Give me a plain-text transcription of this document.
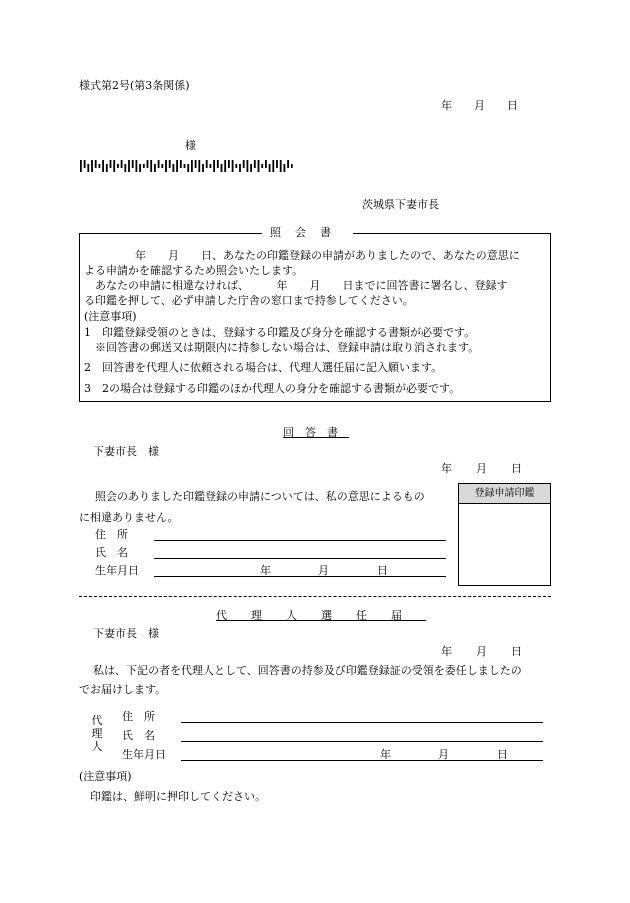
様式第2号(第3条関係)
年 月 日
様
茨城県下妻市長
年　　月　　日、あなたの印鑑登録の申請がありましたので、あなたの意思に
よる申請かを確認するため照会いたします。
　あなたの申請に相違なければ、　　　年　　月　　日までに回答書に署名し、登録す
る印鑑を押して、必ず申請した庁舎の窓口まで持参してください。
(注意事項)
1　印鑑登録受領のときは、登録する印鑑及び身分を確認する書類が必要です。
　※回答書の郵送又は期限内に持参しない場合は、登録申請は取り消されます。
2　回答書を代理人に依頼される場合は、代理人選任届に記入願います。
3　2の場合は登録する印鑑のほか代理人の身分を確認する書類が必要です。
照会書
回答書
下妻市長　様
年 月 日
照会のありました印鑑登録の申請については、私の意思によるもの
に相違ありません。
住　所
氏　名
生年月日	年	月	日
登録申請印鑑
代理人選任届
下妻市長　様
年 月 日
私は、下記の者を代理人として、回答書の持参及び印鑑登録証の受領を委任しましたの
でお届けします。
代理人
住　所
氏　名
生年月日	年	月	日
(注意事項)
印鑑は、鮮明に押印してください。
